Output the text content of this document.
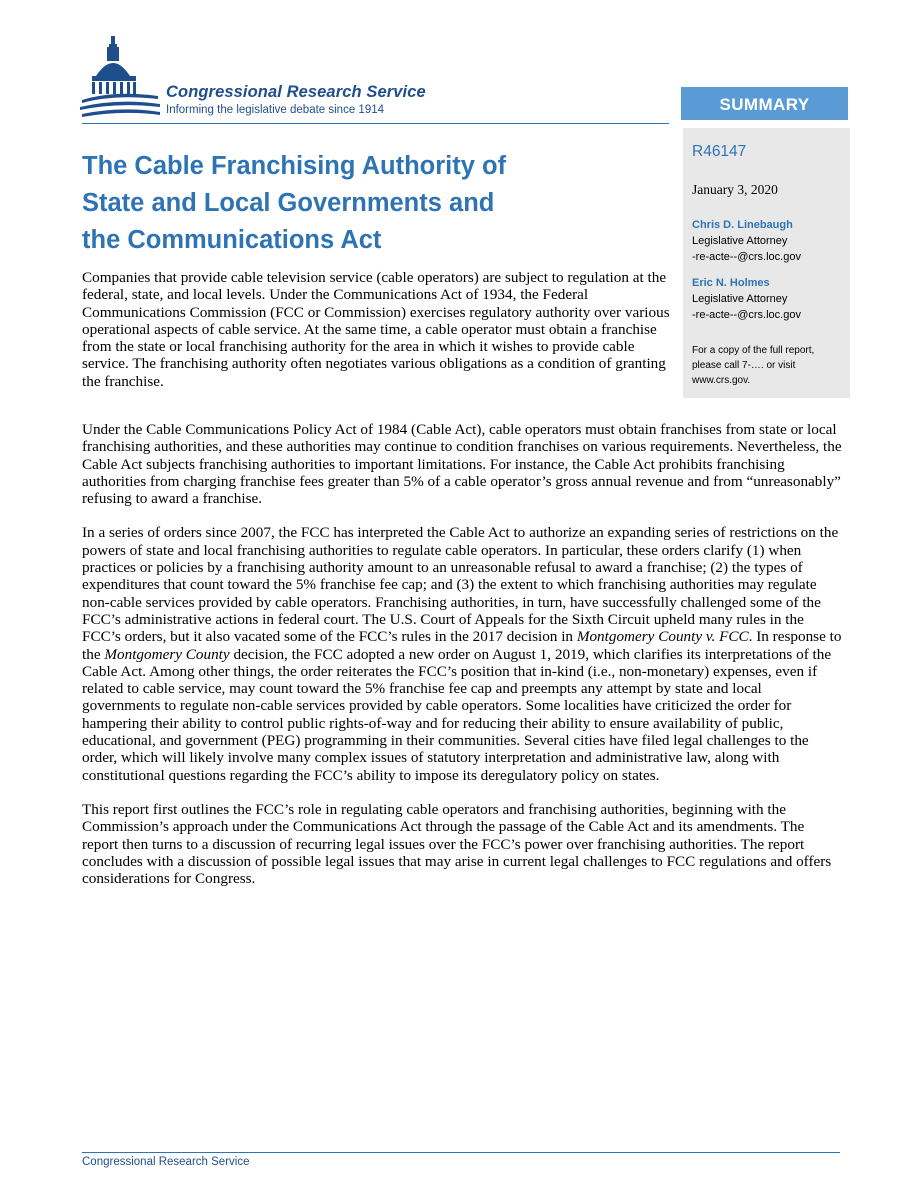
Congressional Research Service
Informing the legislative debate since 1914	SUMMARY
R46147
January 3, 2020
Chris D. Linebaugh
Legislative Attorney
-re-acte--@crs.loc.gov
Eric N. Holmes
Legislative Attorney
-re-acte--@crs.loc.gov
For a copy of the full report,
please call 7-…. or visit
www.crs.gov.
The Cable Franchising Authority of
State and Local Governments and
the Communications Act

Companies that provide cable television service (cable operators) are subject to regulation at the federal, state, and local levels. Under the Communications Act of 1934, the Federal Communications Commission (FCC or Commission) exercises regulatory authority over various operational aspects of cable service. At the same time, a cable operator must obtain a franchise from the state or local franchising authority for the area in which it wishes to provide cable service. The franchising authority often negotiates various obligations as a condition of granting the franchise.

Under the Cable Communications Policy Act of 1984 (Cable Act), cable operators must obtain franchises from state or local franchising authorities, and these authorities may continue to condition franchises on various requirements. Nevertheless, the Cable Act subjects franchising authorities to important limitations. For instance, the Cable Act prohibits franchising authorities from charging franchise fees greater than 5% of a cable operator’s gross annual revenue and from “unreasonably” refusing to award a franchise.

In a series of orders since 2007, the FCC has interpreted the Cable Act to authorize an expanding series of restrictions on the powers of state and local franchising authorities to regulate cable operators. In particular, these orders clarify (1) when practices or policies by a franchising authority amount to an unreasonable refusal to award a franchise; (2) the types of expenditures that count toward the 5% franchise fee cap; and (3) the extent to which franchising authorities may regulate non-cable services provided by cable operators. Franchising authorities, in turn, have successfully challenged some of the FCC’s administrative actions in federal court. The U.S. Court of Appeals for the Sixth Circuit upheld many rules in the FCC’s orders, but it also vacated some of the FCC’s rules in the 2017 decision in Montgomery County v. FCC. In response to the Montgomery County decision, the FCC adopted a new order on August 1, 2019, which clarifies its interpretations of the Cable Act. Among other things, the order reiterates the FCC’s position that in-kind (i.e., non-monetary) expenses, even if related to cable service, may count toward the 5% franchise fee cap and preempts any attempt by state and local governments to regulate non-cable services provided by cable operators. Some localities have criticized the order for hampering their ability to control public rights-of-way and for reducing their ability to ensure availability of public, educational, and government (PEG) programming in their communities. Several cities have filed legal challenges to the order, which will likely involve many complex issues of statutory interpretation and administrative law, along with constitutional questions regarding the FCC’s ability to impose its deregulatory policy on states.

This report first outlines the FCC’s role in regulating cable operators and franchising authorities, beginning with the Commission’s approach under the Communications Act through the passage of the Cable Act and its amendments. The report then turns to a discussion of recurring legal issues over the FCC’s power over franchising authorities. The report concludes with a discussion of possible legal issues that may arise in current legal challenges to FCC regulations and offers considerations for Congress.

Congressional Research Service
